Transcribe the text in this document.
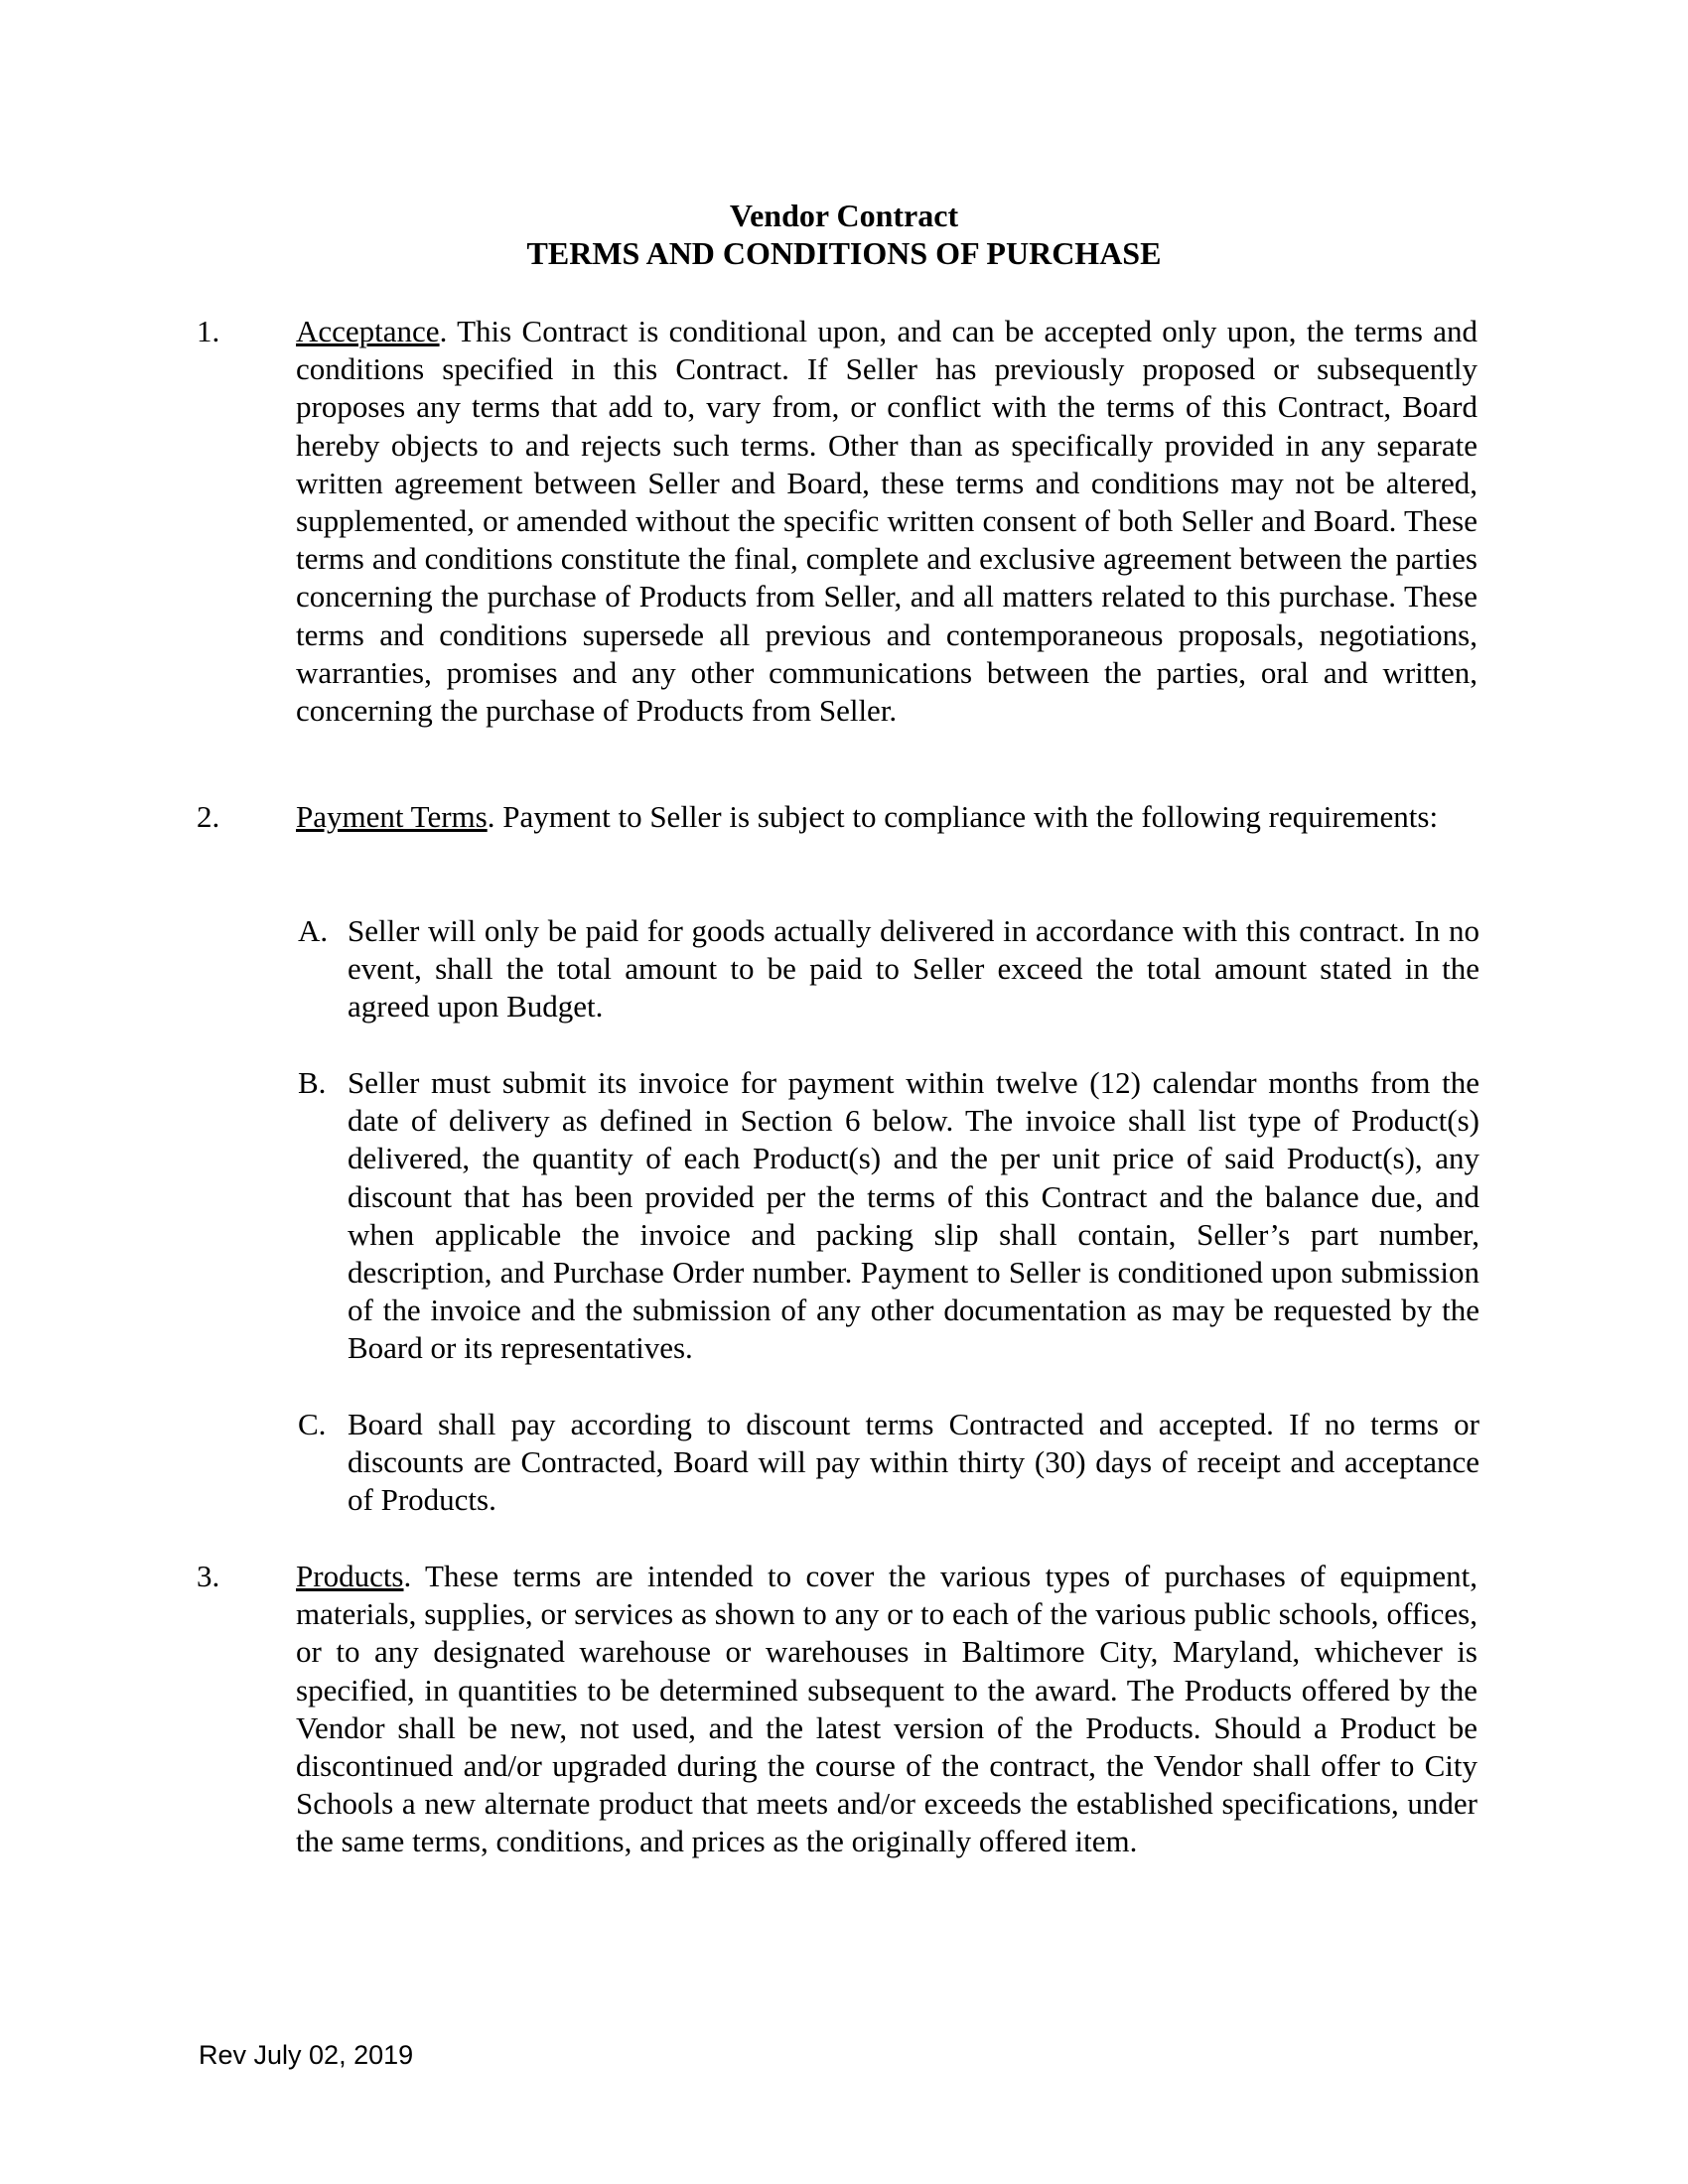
Vendor Contract
TERMS AND CONDITIONS OF PURCHASE
1. Acceptance. This Contract is conditional upon, and can be accepted only upon, the terms and conditions specified in this Contract. If Seller has previously proposed or subsequently proposes any terms that add to, vary from, or conflict with the terms of this Contract, Board hereby objects to and rejects such terms. Other than as specifically provided in any separate written agreement between Seller and Board, these terms and conditions may not be altered, supplemented, or amended without the specific written consent of both Seller and Board. These terms and conditions constitute the final, complete and exclusive agreement between the parties concerning the purchase of Products from Seller, and all matters related to this purchase. These terms and conditions supersede all previous and contemporaneous proposals, negotiations, warranties, promises and any other communications between the parties, oral and written, concerning the purchase of Products from Seller.
2. Payment Terms. Payment to Seller is subject to compliance with the following requirements:
A. Seller will only be paid for goods actually delivered in accordance with this contract. In no event, shall the total amount to be paid to Seller exceed the total amount stated in the agreed upon Budget.
B. Seller must submit its invoice for payment within twelve (12) calendar months from the date of delivery as defined in Section 6 below. The invoice shall list type of Product(s) delivered, the quantity of each Product(s) and the per unit price of said Product(s), any discount that has been provided per the terms of this Contract and the balance due, and when applicable the invoice and packing slip shall contain, Seller’s part number, description, and Purchase Order number. Payment to Seller is conditioned upon submission of the invoice and the submission of any other documentation as may be requested by the Board or its representatives.
C. Board shall pay according to discount terms Contracted and accepted. If no terms or discounts are Contracted, Board will pay within thirty (30) days of receipt and acceptance of Products.
3. Products. These terms are intended to cover the various types of purchases of equipment, materials, supplies, or services as shown to any or to each of the various public schools, offices, or to any designated warehouse or warehouses in Baltimore City, Maryland, whichever is specified, in quantities to be determined subsequent to the award. The Products offered by the Vendor shall be new, not used, and the latest version of the Products. Should a Product be discontinued and/or upgraded during the course of the contract, the Vendor shall offer to City Schools a new alternate product that meets and/or exceeds the established specifications, under the same terms, conditions, and prices as the originally offered item.
Rev July 02, 2019
